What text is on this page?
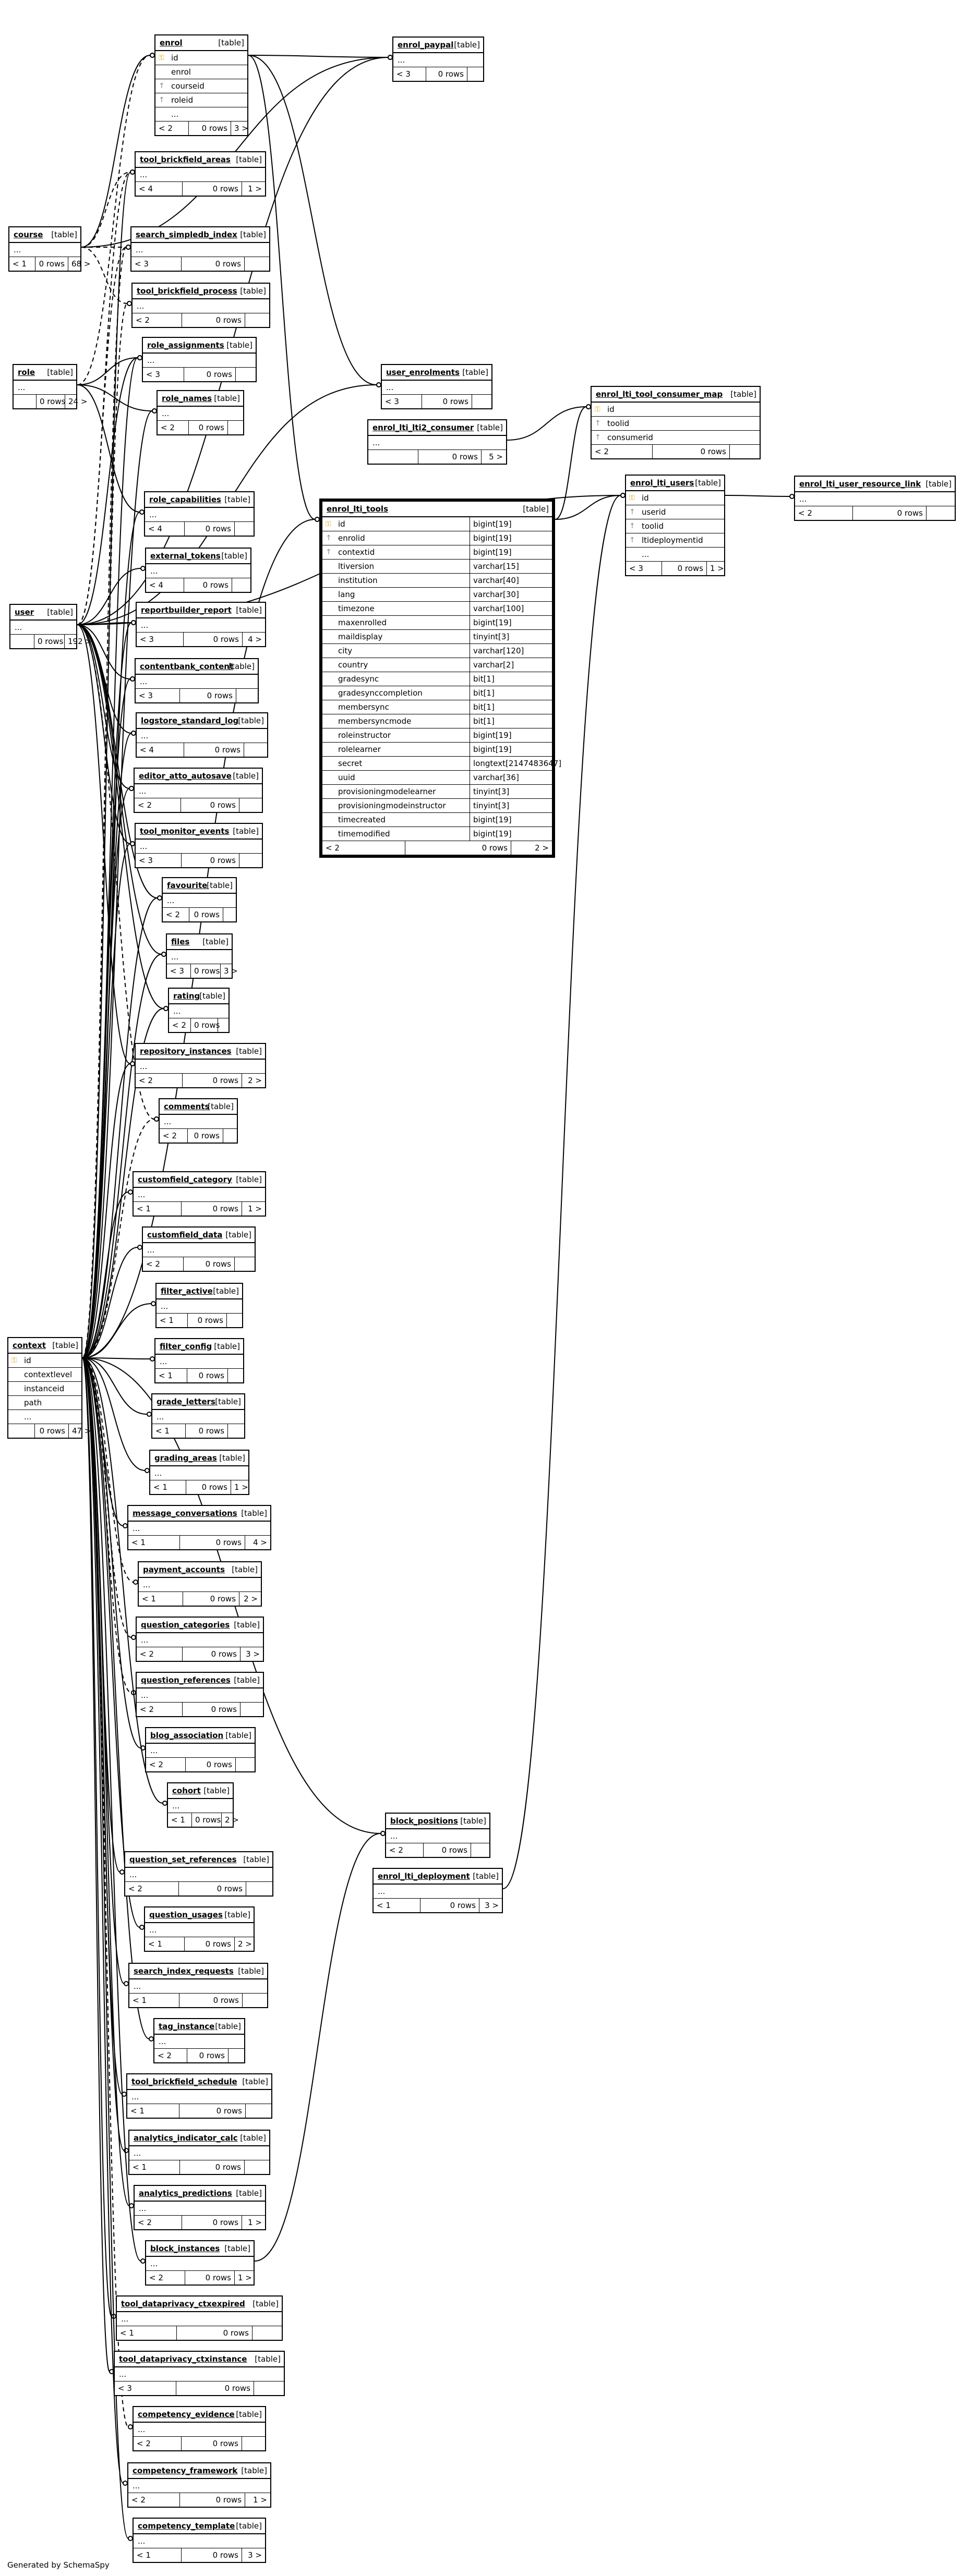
enrol	[table]
⚿ id
enrol
↑ courseid
↑ roleid
...
< 2	0 rows 3 >
enrol_paypal [table]
...
< 3	0 rows
tool_brickfield_areas [table]
...
< 4	0 rows	1 >
course [table]
...
< 1	0 rows 68 >
search_simpledb_index [table]
...
< 3	0 rows
tool_brickfield_process [table]
...
< 2	0 rows
role_assignments [table]
...
< 3	0 rows
role [table]
...
0 rows 24 >
user_enrolments [table]
...
< 3	0 rows
enrol_lti_tool_consumer_map [table]
⚿ id
↑ toolid
↑ consumerid
< 2	0 rows
role_names [table]
...
< 2	0 rows	enrol_lti_lti2_consumer [table]
...
0 rows	5 >
enrol_lti_users [table]
⚿ id
↑ userid
↑ toolid
↑ ltideploymentid
...
< 3	0 rows 1 >
enrol_lti_user_resource_link [table]
...
< 2	0 rows
role_capabilities [table]
...
< 4	0 rows
external_tokens [table]
...
< 4	0 rows
user [table]
...
0 rows 192 >
reportbuilder_report [table]
...
< 3	0 rows	4 >
contentbank_content
[table]
...
< 3	0 rows
logstore_standard_log [table]
...
< 4	0 rows
editor_atto_autosave [table]
...
< 2	0 rows
tool_monitor_events [table]
...
< 3	0 rows
favourite [table]
...
< 2	0 rows
files [table]
...
< 3	0 rows 3 >
rating [table]
...
< 2	0 rows
repository_instances [table]
...
< 2	0 rows	2 >
comments
[table]
...
< 2	0 rows
customfield_category [table]
...
< 1	0 rows	1 >
customfield_data [table]
...
< 2	0 rows
filter_active [table]
...
< 1	0 rows
filter_config [table]
...
< 1	0 rows
context [table]
⚿ id
contextlevel
instanceid
path
...
0 rows 47 >
grade_letters [table]
...
< 1	0 rows
grading_areas [table]
...
< 1	0 rows 1 >
message_conversations [table]
...
< 1	0 rows	4 >
payment_accounts [table]
...
< 1	0 rows	2 >
question_categories [table]
...
< 2	0 rows	3 >
question_references [table]
...
< 2	0 rows
blog_association [table]
...
< 2	0 rows
cohort [table]
...
< 1	0 rows 2 >	block_positions [table]
...
< 2	0 rows
question_set_references [table]
...
< 2	0 rows
enrol_lti_deployment [table]
...
< 1	0 rows	3 >
question_usages [table]
...
< 1	0 rows 2 >
search_index_requests [table]
...
< 1	0 rows
tag_instance [table]
...
< 2	0 rows
tool_brickfield_schedule [table]
...
< 1	0 rows
analytics_indicator_calc [table]
...
< 1	0 rows
analytics_predictions [table]
...
< 2	0 rows	1 >
block_instances [table]
...
< 2	0 rows 1 >
tool_dataprivacy_ctxexpired [table]
...
< 1	0 rows
tool_dataprivacy_ctxinstance [table]
...
< 3	0 rows
competency_evidence [table]
...
< 2	0 rows
competency_framework [table]
...
< 2	0 rows	1 >
competency_template [table]
...
< 1	0 rows	3 >
enrol_lti_tools	[table]
⚿ id	bigint[19]
↑ enrolid	bigint[19]
↑ contextid	bigint[19]
ltiversion	varchar[15]
institution	varchar[40]
lang	varchar[30]
timezone	varchar[100]
maxenrolled	bigint[19]
maildisplay	tinyint[3]
city	varchar[120]
country	varchar[2]
gradesync	bit[1]
gradesynccompletion	bit[1]
membersync	bit[1]
membersyncmode	bit[1]
roleinstructor	bigint[19]
rolelearner	bigint[19]
secret	longtext[2147483647]
uuid	varchar[36]
provisioningmodelearner	tinyint[3]
provisioningmodeinstructor	tinyint[3]
timecreated	bigint[19]
timemodified	bigint[19]
< 2	0 rows	2 >
Generated by SchemaSpy
